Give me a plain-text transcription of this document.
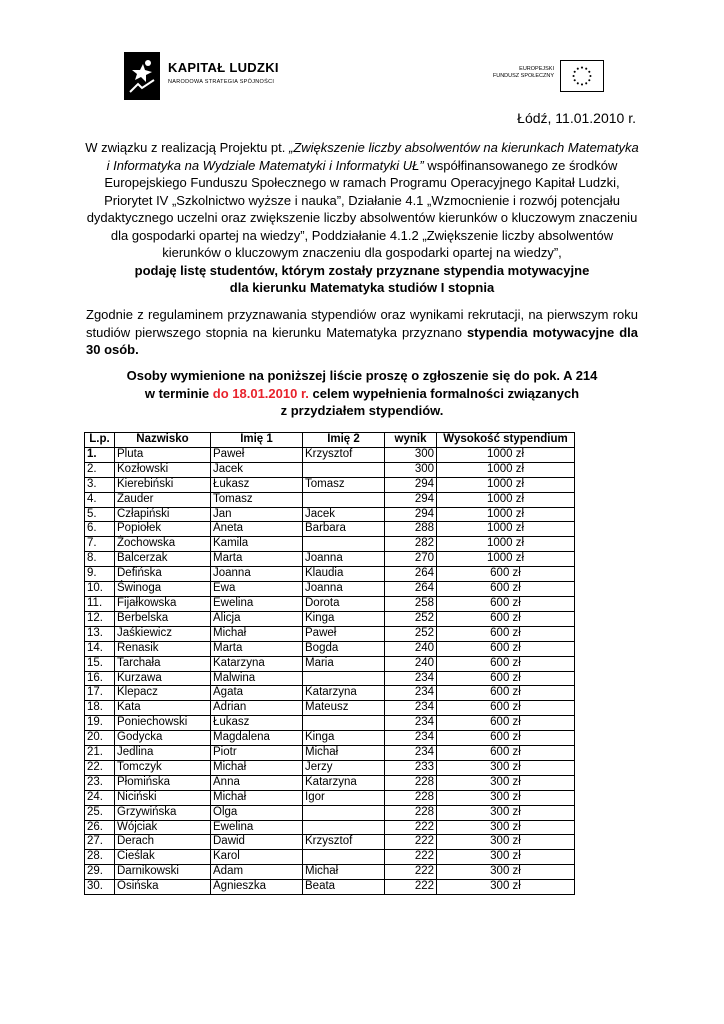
KAPITAŁ LUDZKI
NARODOWA STRATEGIA SPÓJNOŚCI
EUROPEJSKI
FUNDUSZ SPOŁECZNY
Łódź, 11.01.2010 r.
W związku z realizacją Projektu pt. „Zwiększenie liczby absolwentów na kierunkach Matematyka i Informatyka na Wydziale Matematyki i Informatyki UŁ” współfinansowanego ze środków Europejskiego Funduszu Społecznego w ramach Programu Operacyjnego Kapitał Ludzki, Priorytet IV „Szkolnictwo wyższe i nauka”, Działanie 4.1 „Wzmocnienie i rozwój potencjału dydaktycznego uczelni oraz zwiększenie liczby absolwentów kierunków o kluczowym znaczeniu dla gospodarki opartej na wiedzy”, Poddziałanie 4.1.2 „Zwiększenie liczby absolwentów kierunków o kluczowym znaczeniu dla gospodarki opartej na wiedzy”,
podaję listę studentów, którym zostały przyznane stypendia motywacyjne
dla kierunku Matematyka studiów I stopnia
Zgodnie z regulaminem przyznawania stypendiów oraz wynikami rekrutacji, na pierwszym roku studiów pierwszego stopnia na kierunku Matematyka przyznano stypendia motywacyjne dla 30 osób.
Osoby wymienione na poniższej liście proszę o zgłoszenie się do pok. A 214
w terminie do 18.01.2010 r. celem wypełnienia formalności związanych
z przydziałem stypendiów.
L.p.	Nazwisko	Imię 1	Imię 2	wynik	Wysokość stypendium
1.	Pluta	Paweł	Krzysztof	300	1000 zł
2.	Kozłowski	Jacek		300	1000 zł
3.	Kierebiński	Łukasz	Tomasz	294	1000 zł
4.	Zauder	Tomasz		294	1000 zł
5.	Człapiński	Jan	Jacek	294	1000 zł
6.	Popiołek	Aneta	Barbara	288	1000 zł
7.	Żochowska	Kamila		282	1000 zł
8.	Balcerzak	Marta	Joanna	270	1000 zł
9.	Defińska	Joanna	Klaudia	264	600 zł
10.	Świnoga	Ewa	Joanna	264	600 zł
11.	Fijałkowska	Ewelina	Dorota	258	600 zł
12.	Berbelska	Alicja	Kinga	252	600 zł
13.	Jaśkiewicz	Michał	Paweł	252	600 zł
14.	Renasik	Marta	Bogda	240	600 zł
15.	Tarchała	Katarzyna	Maria	240	600 zł
16.	Kurzawa	Malwina		234	600 zł
17.	Klepacz	Agata	Katarzyna	234	600 zł
18.	Kata	Adrian	Mateusz	234	600 zł
19.	Poniechowski	Łukasz		234	600 zł
20.	Godycka	Magdalena	Kinga	234	600 zł
21.	Jedlina	Piotr	Michał	234	600 zł
22.	Tomczyk	Michał	Jerzy	233	300 zł
23.	Płomińska	Anna	Katarzyna	228	300 zł
24.	Niciński	Michał	Igor	228	300 zł
25.	Grzywińska	Olga		228	300 zł
26.	Wójciak	Ewelina		222	300 zł
27.	Derach	Dawid	Krzysztof	222	300 zł
28.	Cieślak	Karol		222	300 zł
29.	Darnikowski	Adam	Michał	222	300 zł
30.	Osińska	Agnieszka	Beata	222	300 zł
